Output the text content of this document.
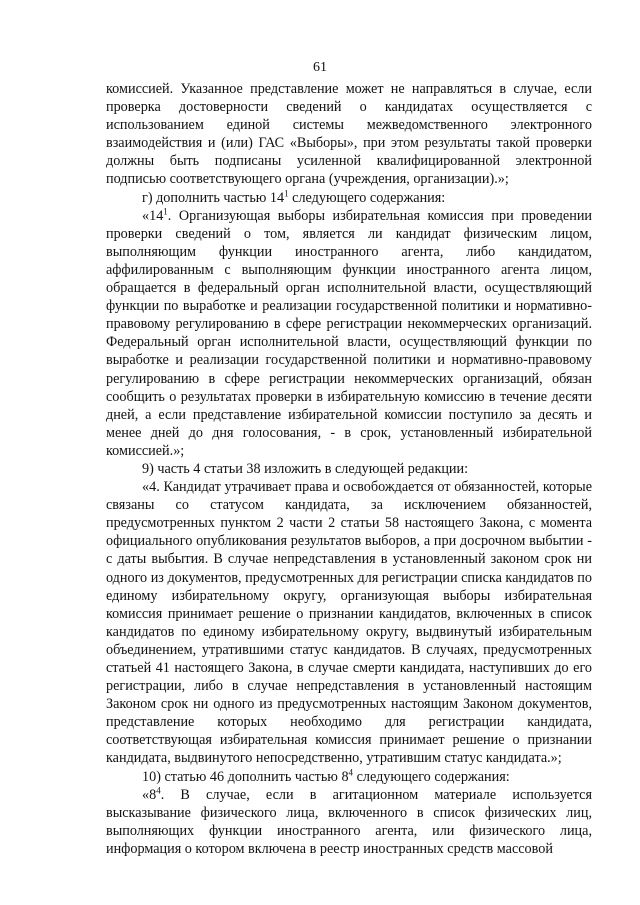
61

комиссией. Указанное представление может не направляться в случае, если проверка достоверности сведений о кандидатах осуществляется с использованием единой системы межведомственного электронного взаимодействия и (или) ГАС «Выборы», при этом результаты такой проверки должны быть подписаны усиленной квалифицированной электронной подписью соответствующего органа (учреждения, организации).»;

г) дополнить частью $14^1$ следующего содержания:

«$14^1$. Организующая выборы избирательная комиссия при проведении проверки сведений о том, является ли кандидат физическим лицом, выполняющим функции иностранного агента, либо кандидатом, аффилированным с выполняющим функции иностранного агента лицом, обращается в федеральный орган исполнительной власти, осуществляющий функции по выработке и реализации государственной политики и нормативно-правовому регулированию в сфере регистрации некоммерческих организаций. Федеральный орган исполнительной власти, осуществляющий функции по выработке и реализации государственной политики и нормативно-правовому регулированию в сфере регистрации некоммерческих организаций, обязан сообщить о результатах проверки в избирательную комиссию в течение десяти дней, а если представление избирательной комиссии поступило за десять и менее дней до дня голосования, - в срок, установленный избирательной комиссией.»;

9) часть 4 статьи 38 изложить в следующей редакции:

«4. Кандидат утрачивает права и освобождается от обязанностей, которые связаны со статусом кандидата, за исключением обязанностей, предусмотренных пунктом 2 части 2 статьи 58 настоящего Закона, с момента официального опубликования результатов выборов, а при досрочном выбытии - с даты выбытия. В случае непредставления в установленный законом срок ни одного из документов, предусмотренных для регистрации списка кандидатов по единому избирательному округу, организующая выборы избирательная комиссия принимает решение о признании кандидатов, включенных в список кандидатов по единому избирательному округу, выдвинутый избирательным объединением, утратившими статус кандидатов. В случаях, предусмотренных статьей 41 настоящего Закона, в случае смерти кандидата, наступивших до его регистрации, либо в случае непредставления в установленный настоящим Законом срок ни одного из предусмотренных настоящим Законом документов, представление которых необходимо для регистрации кандидата, соответствующая избирательная комиссия принимает решение о признании кандидата, выдвинутого непосредственно, утратившим статус кандидата.»;

10) статью 46 дополнить частью $8^4$ следующего содержания:

«$8^4$. В случае, если в агитационном материале используется высказывание физического лица, включенного в список физических лиц, выполняющих функции иностранного агента, или физического лица, информация о котором включена в реестр иностранных средств массовой
